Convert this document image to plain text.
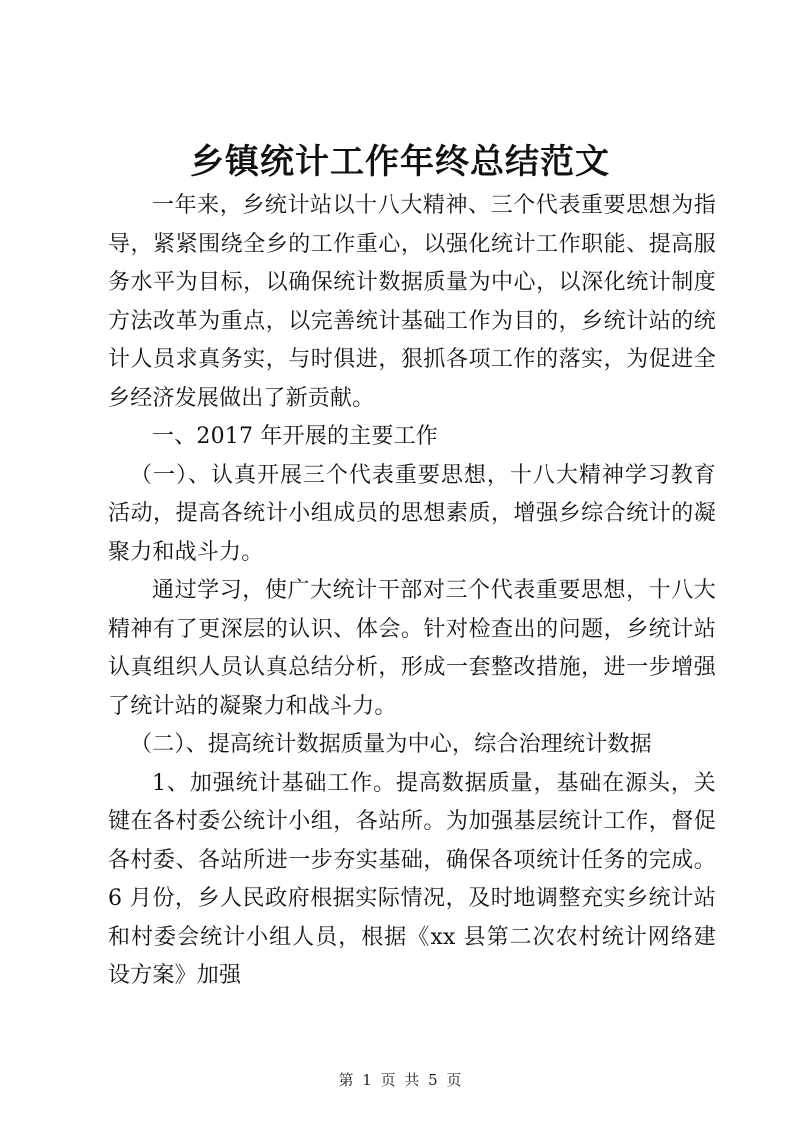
乡镇统计工作年终总结范文

一年来，乡统计站以十八大精神、三个代表重要思想为指导，紧紧围绕全乡的工作重心，以强化统计工作职能、提高服务水平为目标，以确保统计数据质量为中心，以深化统计制度方法改革为重点，以完善统计基础工作为目的，乡统计站的统计人员求真务实，与时俱进，狠抓各项工作的落实，为促进全乡经济发展做出了新贡献。

一、2017 年开展的主要工作

（一）、认真开展三个代表重要思想，十八大精神学习教育活动，提高各统计小组成员的思想素质，增强乡综合统计的凝聚力和战斗力。

通过学习，使广大统计干部对三个代表重要思想，十八大精神有了更深层的认识、体会。针对检查出的问题，乡统计站认真组织人员认真总结分析，形成一套整改措施，进一步增强了统计站的凝聚力和战斗力。

（二）、提高统计数据质量为中心，综合治理统计数据

1、加强统计基础工作。提高数据质量，基础在源头，关键在各村委公统计小组，各站所。为加强基层统计工作，督促各村委、各站所进一步夯实基础，确保各项统计任务的完成。6 月份，乡人民政府根据实际情况，及时地调整充实乡统计站和村委会统计小组人员，根据《xx 县第二次农村统计网络建设方案》加强

第 1 页 共 5 页
